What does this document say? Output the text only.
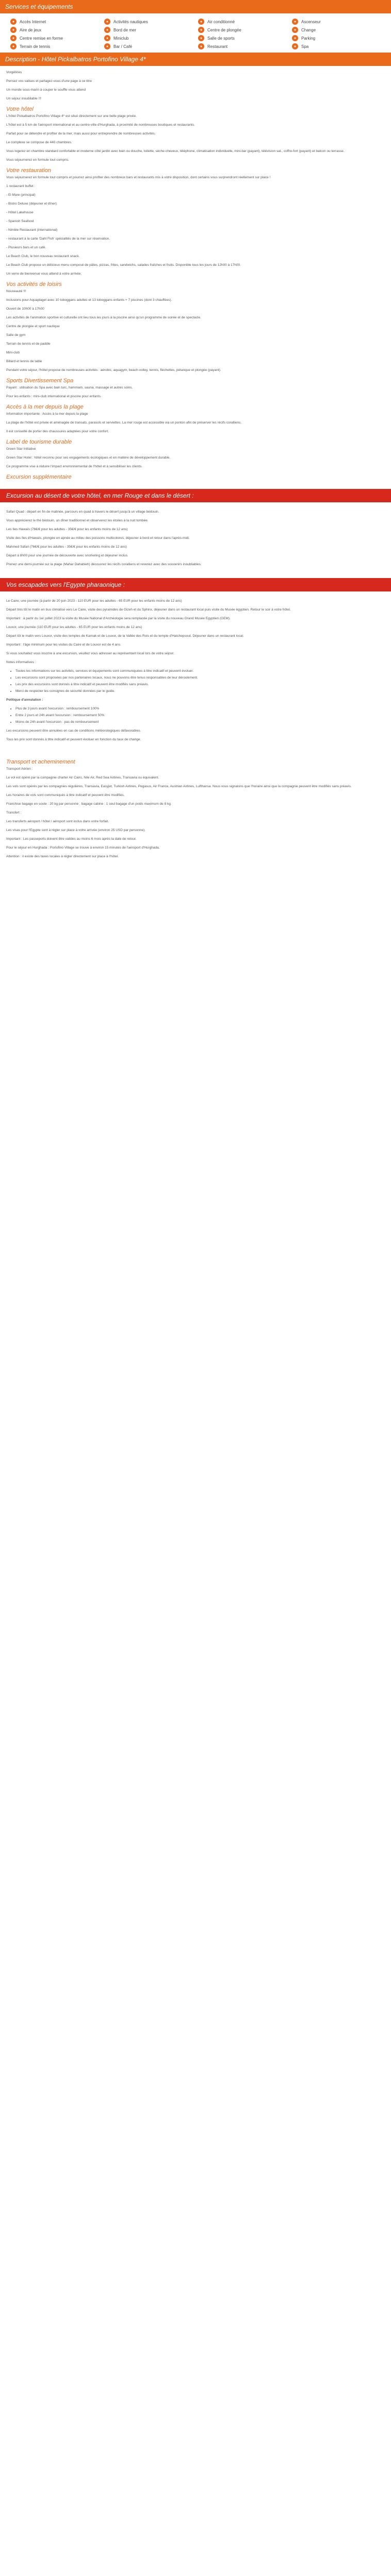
Services et équipements
●	Accès Internet	●	Activités nautiques	●	Air conditionné	●	Ascenseur
●	Aire de jeux	●	Bord de mer	●	Centre de plongée	●	Change
●	Centre remise en forme	●	Miniclub	●	Salle de sports	●	Parking
●	Terrain de tennis	●	Bar / Café	●	Restaurant	●	Spa
Description - Hôtel Pickalbatros Portofino Village 4*

Vorgélines

Pensez vos valises et partagez-vous d'une page à ce titre

Un monde sous-marin à couper le souffle vous attend

Un séjour inoubliable !!!

Votre hôtel

L'hôtel Pickalbatros Portofino Village 4* est situé directement sur une belle plage privée.

L'hôtel est à 5 km de l'aéroport international et au centre-ville d'Hurghada, à proximité de nombreuses boutiques et restaurants.

Parfait pour se détendre et profiter de la mer, mais aussi pour entreprendre de nombreuses activités.

Le complexe se compose de 440 chambres.

Vous logerez en chambre standard confortable et moderne côté jardin avec bain ou douche, toilette, sèche-cheveux, téléphone, climatisation individuelle, mini-bar (payant), télévision sat., coffre-fort (payant) et balcon ou terrasse.

Vous séjournerez en formule tout compris.

Votre restauration

Vous séjournerez en formule tout compris et pourrez ainsi profiter des nombreux bars et restaurants mis à votre disposition, dont certains vous surprendront réellement sur place !

1 restaurant buffet :

- El Mare (principal)

- Bistro Deluxe (déjeuner et dîner)

- Hôtel Lakehouse

- Spanish Seafood

- Nimble Restaurant (international)

- restaurant à la carte 'Dahl Fish' spécialités de la mer sur réservation.

- Plusieurs bars et un café.

Le Beach Club, le bon nouveau restaurant snack.

Le Beach Club propose un délicieux menu composé de pâtes, pizzas, frites, sandwichs, salades fraîches et fruits. Disponible tous les jours de 12h00 à 17h00.

Un verre de bienvenue vous attend à votre arrivée.

Vos activités de loisirs

Nouveauté !!!

Inclusions pour Aquaplaget avec 10 toboggans adultes et 13 toboggans enfants + 7 piscines (dont 3 chauffées).

Ouvert de 10h00 à 17h00

Les activités de l'animation sportive et culturelle ont lieu tous les jours à la piscine ainsi qu'un programme de soirée et de spectacle.

Centre de plongée et sport nautique

Salle de gym

Terrain de tennis et de paddle

Mini-club

Billard et tennis de table

Pendant votre séjour, l'hôtel propose de nombreuses activités : aérobic, aquagym, beach-volley, tennis, fléchettes, pétanque et plongée (payant).

Sports Divertissement Spa

Payant : utilisation du Spa avec bain turc, hammam, sauna, massage et autres soins.

Pour les enfants : mini-club international et piscine pour enfants.

Accès à la mer depuis la plage

Information importante : Accès à la mer depuis la plage

La plage de l'hôtel est privée et aménagée de transats, parasols et serviettes. La mer rouge est accessible via un ponton afin de préserver les récifs coralliens.

Il est conseillé de porter des chaussures adaptées pour votre confort.

Label de tourisme durable

Green Star Initiative

Green Star Hotel : hôtel reconnu pour ses engagements écologiques et en matière de développement durable.

Ce programme vise à réduire l'impact environnemental de l'hôtel et à sensibiliser les clients.

Excursion supplémentaire
Excursion au désert de votre hôtel, en mer Rouge et dans le désert :

Safari Quad : départ en fin de matinée, parcours en quad à travers le désert jusqu'à un village bédouin.

Vous apprécierez le thé bédouin, un dîner traditionnel et observerez les étoiles à la nuit tombée.

Les Iles Hawaïs (76€/€ pour les adultes - 35€/€ pour les enfants moins de 12 ans)

Visite des îles d'Hawaïs, plongée en apnée au milieu des poissons multicolores, déjeuner à bord et retour dans l'après-midi.

Mahmed Safari (76€/€ pour les adultes - 35€/€ pour les enfants moins de 12 ans)

Départ à 8h00 pour une journée de découverte avec snorkeling et déjeuner inclus.

Prenez une demi-journée sur la plage (Mahar Dahabieh) découvrez les récifs coralliens et revenez avec des souvenirs inoubliables.

Vos escapades vers l'Egypte pharaonique :

Le Caire, une journée (à partir de 20 juin 2023 - 110 EUR pour les adultes - 65 EUR pour les enfants moins de 12 ans)

Départ très tôt le matin en bus climatisé vers Le Caire, visite des pyramides de Gizeh et du Sphinx, déjeuner dans un restaurant local puis visite du Musée égyptien. Retour le soir à votre hôtel.

Important : à partir du 1er juillet 2023 la visite du Musée National d'Archéologie sera remplacée par la visite du nouveau Grand Musée Egyptien (GEM).

Louxor, une journée (110 EUR pour les adultes - 65 EUR pour les enfants moins de 12 ans)

Départ tôt le matin vers Louxor, visite des temples de Karnak et de Louxor, de la Vallée des Rois et du temple d'Hatchepsout. Déjeuner dans un restaurant local.

Important : l'âge minimum pour les visites du Caire et de Louxor est de 4 ans.

Si vous souhaitez vous inscrire à une excursion, veuillez vous adresser au représentant local lors de votre séjour.

Notes informatives :

• Toutes les informations sur les activités, services et équipements sont communiquées à titre indicatif et peuvent évoluer.
• Les excursions sont proposées par nos partenaires locaux, nous ne pouvons être tenus responsables de leur déroulement.
• Les prix des excursions sont donnés à titre indicatif et peuvent être modifiés sans préavis.
• Merci de respecter les consignes de sécurité données par le guide.

Politique d'annulation :

• Plus de 3 jours avant l'excursion : remboursement 100%
• Entre 2 jours et 24h avant l'excursion : remboursement 50%
• Moins de 24h avant l'excursion : pas de remboursement

Les excursions peuvent être annulées en cas de conditions météorologiques défavorables.

Tous les prix sont donnés à titre indicatif et peuvent évoluer en fonction du taux de change.

Transport et acheminement

Transport Aérien :

Le vol est opéré par la compagnie charter Air Cairo, Nile Air, Red Sea Airlines, Transavia ou équivalent.

Les vols sont opérés par les compagnies régulières, Transavia, Easyjet, Turkish Airlines, Pegasus, Air France, Austrian Airlines, Lufthansa. Nous vous signalons que l'horaire ainsi que la compagnie peuvent être modifiés sans préavis.

Les horaires de vols sont communiqués à titre indicatif et peuvent être modifiés.

Franchise bagage en soute : 20 kg par personne ; bagage cabine : 1 seul bagage d'un poids maximum de 8 kg.

Transfert :

Les transferts aéroport / hôtel / aéroport sont inclus dans votre forfait.

Les visas pour l'Egypte sont à régler sur place à votre arrivée (environ 25 USD par personne).

Important : Les passeports doivent être valides au moins 6 mois après la date de retour.

Pour le séjour en Hurghada : Portofino Village se trouve à environ 15 minutes de l'aéroport d'Hurghada.

Attention : il existe des taxes locales à régler directement sur place à l'hôtel.
